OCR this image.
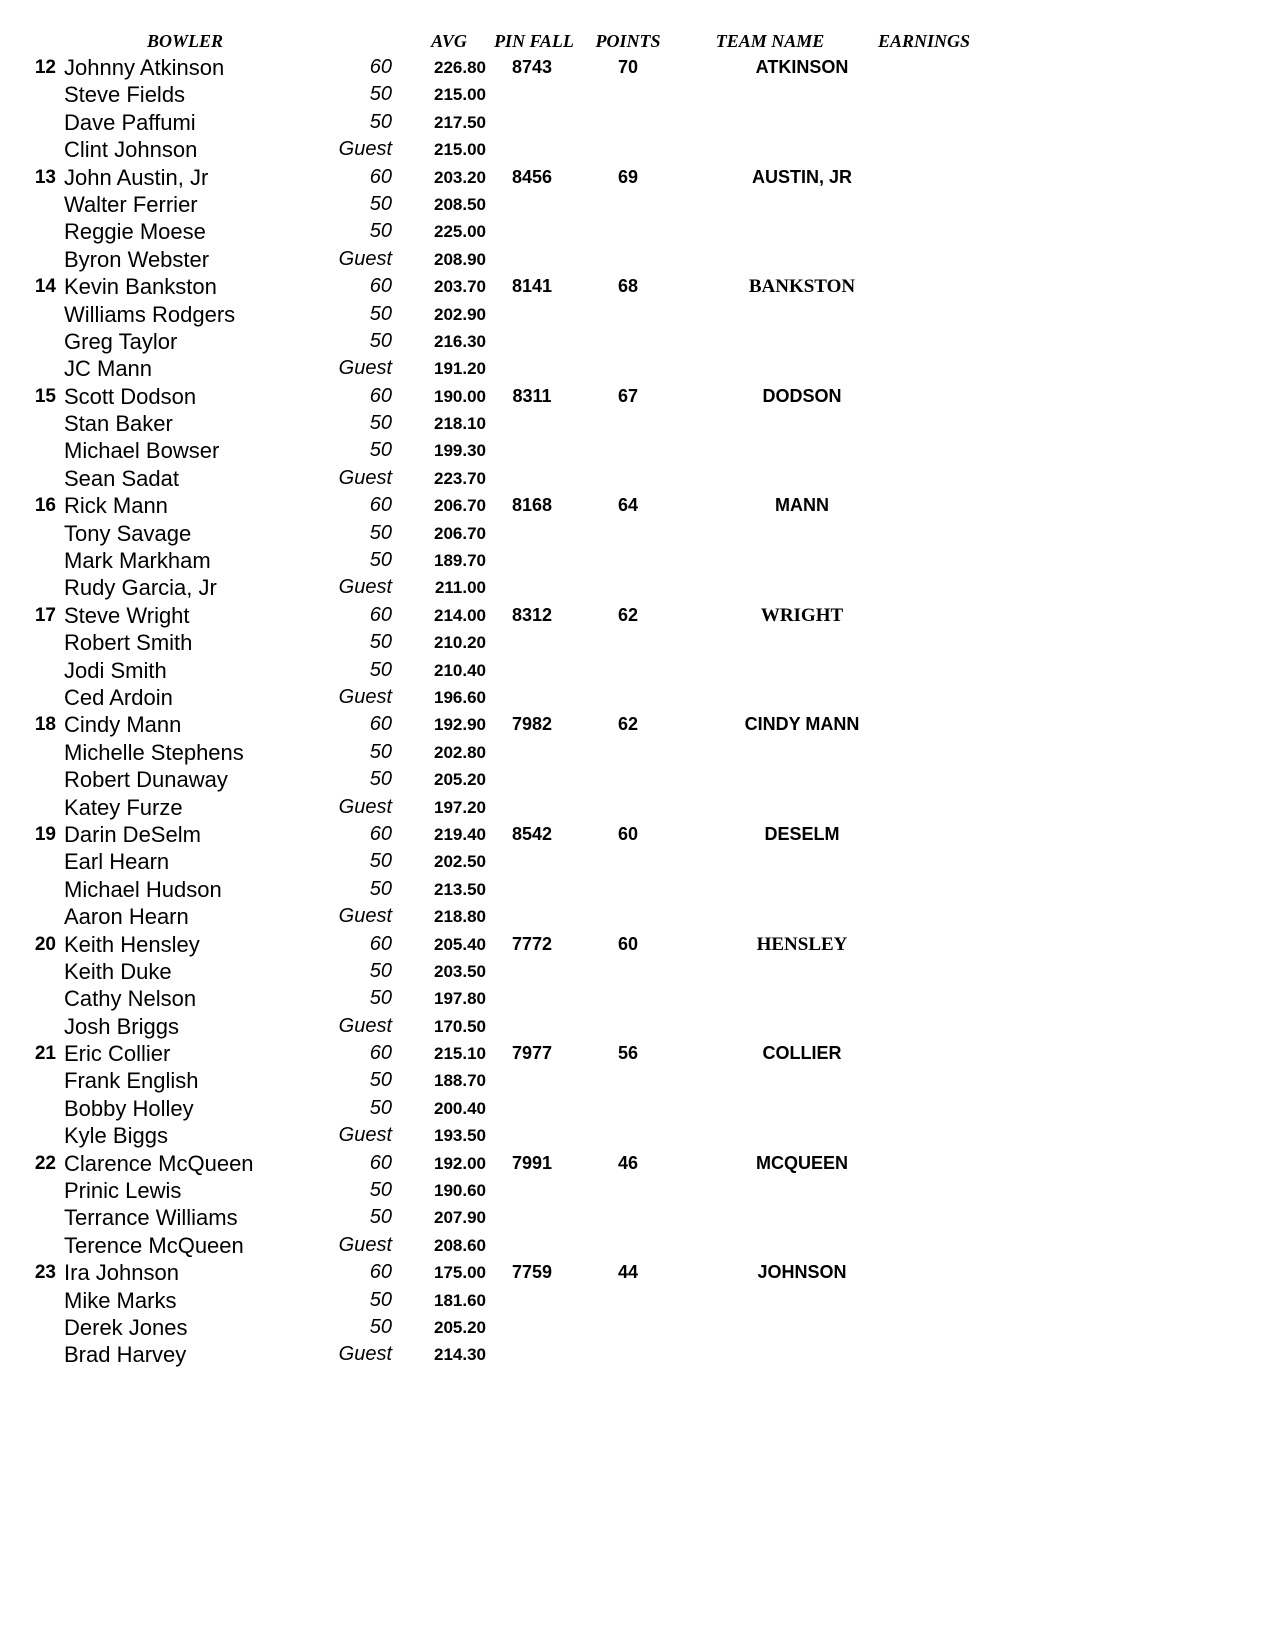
BOWLER	AVG	PIN FALL	POINTS	TEAM NAME	EARNINGS
12 Johnny Atkinson	60	226.80	8743	70	ATKINSON
Steve Fields	50	215.00
Dave Paffumi	50	217.50
Clint Johnson	Guest	215.00
13 John Austin, Jr	60	203.20	8456	69	AUSTIN, JR
Walter Ferrier	50	208.50
Reggie Moese	50	225.00
Byron Webster	Guest	208.90
14 Kevin Bankston	60	203.70	8141	68	BANKSTON
Williams Rodgers	50	202.90
Greg Taylor	50	216.30
JC Mann	Guest	191.20
15 Scott Dodson	60	190.00	8311	67	DODSON
Stan Baker	50	218.10
Michael Bowser	50	199.30
Sean Sadat	Guest	223.70
16 Rick Mann	60	206.70	8168	64	MANN
Tony Savage	50	206.70
Mark Markham	50	189.70
Rudy Garcia, Jr	Guest	211.00
17 Steve Wright	60	214.00	8312	62	WRIGHT
Robert Smith	50	210.20
Jodi Smith	50	210.40
Ced Ardoin	Guest	196.60
18 Cindy Mann	60	192.90	7982	62	CINDY MANN
Michelle Stephens	50	202.80
Robert Dunaway	50	205.20
Katey Furze	Guest	197.20
19 Darin DeSelm	60	219.40	8542	60	DESELM
Earl Hearn	50	202.50
Michael Hudson	50	213.50
Aaron Hearn	Guest	218.80
20 Keith Hensley	60	205.40	7772	60	HENSLEY
Keith Duke	50	203.50
Cathy Nelson	50	197.80
Josh Briggs	Guest	170.50
21 Eric Collier	60	215.10	7977	56	COLLIER
Frank English	50	188.70
Bobby Holley	50	200.40
Kyle Biggs	Guest	193.50
22 Clarence McQueen	60	192.00	7991	46	MCQUEEN
Prinic Lewis	50	190.60
Terrance Williams	50	207.90
Terence McQueen	Guest	208.60
23 Ira Johnson	60	175.00	7759	44	JOHNSON
Mike Marks	50	181.60
Derek Jones	50	205.20
Brad Harvey	Guest	214.30
